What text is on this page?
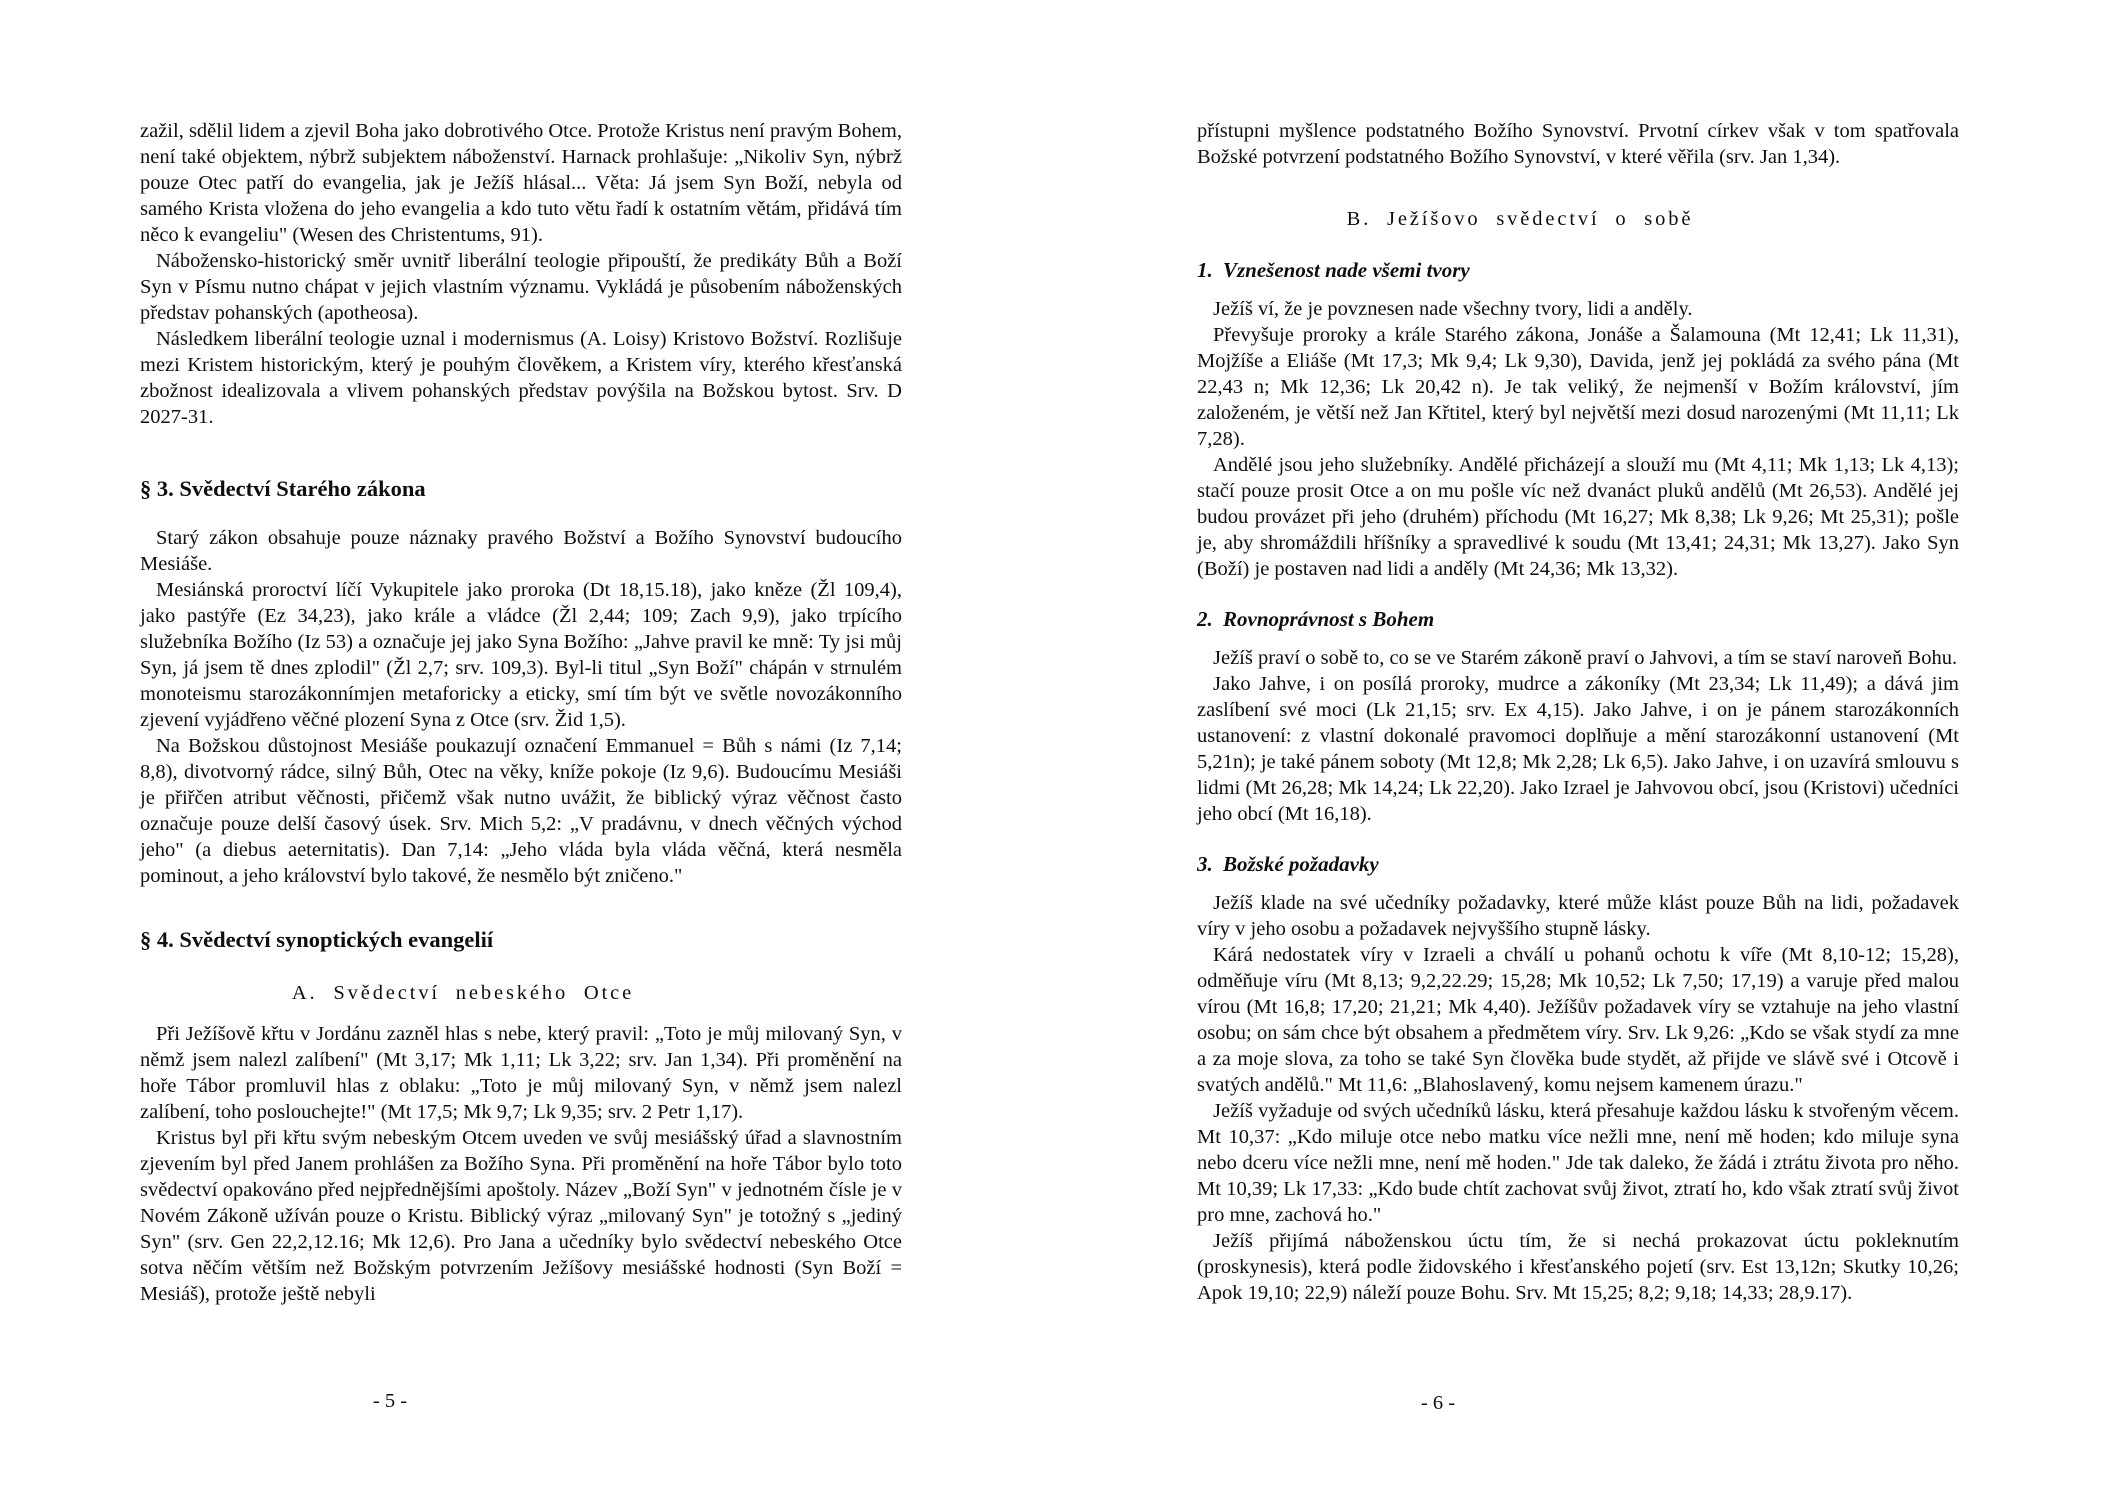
zažil, sdělil lidem a zjevil Boha jako dobrotivého Otce. Protože Kristus není pravým Bohem, není také objektem, nýbrž subjektem náboženství. Harnack prohlašuje: „Nikoliv Syn, nýbrž pouze Otec patří do evangelia, jak je Ježíš hlásal... Věta: Já jsem Syn Boží, nebyla od samého Krista vložena do jeho evangelia a kdo tuto větu řadí k ostatním větám, přidává tím něco k evangeliu" (Wesen des Christentums, 91).

Nábožensko-historický směr uvnitř liberální teologie připouští, že predikáty Bůh a Boží Syn v Písmu nutno chápat v jejich vlastním významu. Vykládá je působením náboženských představ pohanských (apotheosa).

Následkem liberální teologie uznal i modernismus (A. Loisy) Kristovo Božství. Rozlišuje mezi Kristem historickým, který je pouhým člověkem, a Kristem víry, kterého křesťanská zbožnost idealizovala a vlivem pohanských představ povýšila na Božskou bytost. Srv. D 2027-31.

§ 3. Svědectví Starého zákona

Starý zákon obsahuje pouze náznaky pravého Božství a Božího Synovství budoucího Mesiáše.

Mesiánská proroctví líčí Vykupitele jako proroka (Dt 18,15.18), jako kněze (Žl 109,4), jako pastýře (Ez 34,23), jako krále a vládce (Žl 2,44; 109; Zach 9,9), jako trpícího služebníka Božího (Iz 53) a označuje jej jako Syna Božího: „Jahve pravil ke mně: Ty jsi můj Syn, já jsem tě dnes zplodil" (Žl 2,7; srv. 109,3). Byl-li titul „Syn Boží" chápán v strnulém monoteismu starozákonnímjen metaforicky a eticky, smí tím být ve světle novozákonního zjevení vyjádřeno věčné plození Syna z Otce (srv. Žid 1,5).

Na Božskou důstojnost Mesiáše poukazují označení Emmanuel = Bůh s námi (Iz 7,14; 8,8), divotvorný rádce, silný Bůh, Otec na věky, kníže pokoje (Iz 9,6). Budoucímu Mesiáši je přiřčen atribut věčnosti, přičemž však nutno uvážit, že biblický výraz věčnost často označuje pouze delší časový úsek. Srv. Mich 5,2: „V pradávnu, v dnech věčných východ jeho" (a diebus aeternitatis). Dan 7,14: „Jeho vláda byla vláda věčná, která nesměla pominout, a jeho království bylo takové, že nesmělo být zničeno."

§ 4. Svědectví synoptických evangelií
A. Svědectví nebeského Otce

Při Ježíšově křtu v Jordánu zazněl hlas s nebe, který pravil: „Toto je můj milovaný Syn, v němž jsem nalezl zalíbení" (Mt 3,17; Mk 1,11; Lk 3,22; srv. Jan 1,34). Při proměnění na hoře Tábor promluvil hlas z oblaku: „Toto je můj milovaný Syn, v němž jsem nalezl zalíbení, toho poslouchejte!" (Mt 17,5; Mk 9,7; Lk 9,35; srv. 2 Petr 1,17).

Kristus byl při křtu svým nebeským Otcem uveden ve svůj mesiášský úřad a slavnostním zjevením byl před Janem prohlášen za Božího Syna. Při proměnění na hoře Tábor bylo toto svědectví opakováno před nejpřednějšími apoštoly. Název „Boží Syn" v jednotném čísle je v Novém Zákoně užíván pouze o Kristu. Biblický výraz „milovaný Syn" je totožný s „jediný Syn" (srv. Gen 22,2,12.16; Mk 12,6). Pro Jana a učedníky bylo svědectví nebeského Otce sotva něčím větším než Božským potvrzením Ježíšovy mesiášské hodnosti (Syn Boží = Mesiáš), protože ještě nebyli

- 5 -

přístupni myšlence podstatného Božího Synovství. Prvotní církev však v tom spatřovala Božské potvrzení podstatného Božího Synovství, v které věřila (srv. Jan 1,34).

B. Ježíšovo svědectví o sobě
1. Vznešenost nade všemi tvory

Ježíš ví, že je povznesen nade všechny tvory, lidi a anděly.

Převyšuje proroky a krále Starého zákona, Jonáše a Šalamouna (Mt 12,41; Lk 11,31), Mojžíše a Eliáše (Mt 17,3; Mk 9,4; Lk 9,30), Davida, jenž jej pokládá za svého pána (Mt 22,43 n; Mk 12,36; Lk 20,42 n). Je tak veliký, že nejmenší v Božím království, jím založeném, je větší než Jan Křtitel, který byl největší mezi dosud narozenými (Mt 11,11; Lk 7,28).

Andělé jsou jeho služebníky. Andělé přicházejí a slouží mu (Mt 4,11; Mk 1,13; Lk 4,13); stačí pouze prosit Otce a on mu pošle víc než dvanáct pluků andělů (Mt 26,53). Andělé jej budou provázet při jeho (druhém) příchodu (Mt 16,27; Mk 8,38; Lk 9,26; Mt 25,31); pošle je, aby shromáždili hříšníky a spravedlivé k soudu (Mt 13,41; 24,31; Mk 13,27). Jako Syn (Boží) je postaven nad lidi a anděly (Mt 24,36; Mk 13,32).

2. Rovnoprávnost s Bohem

Ježíš praví o sobě to, co se ve Starém zákoně praví o Jahvovi, a tím se staví naroveň Bohu.

Jako Jahve, i on posílá proroky, mudrce a zákoníky (Mt 23,34; Lk 11,49); a dává jim zaslíbení své moci (Lk 21,15; srv. Ex 4,15). Jako Jahve, i on je pánem starozákonních ustanovení: z vlastní dokonalé pravomoci doplňuje a mění starozákonní ustanovení (Mt 5,21n); je také pánem soboty (Mt 12,8; Mk 2,28; Lk 6,5). Jako Jahve, i on uzavírá smlouvu s lidmi (Mt 26,28; Mk 14,24; Lk 22,20). Jako Izrael je Jahvovou obcí, jsou (Kristovi) učedníci jeho obcí (Mt 16,18).

3. Božské požadavky

Ježíš klade na své učedníky požadavky, které může klást pouze Bůh na lidi, požadavek víry v jeho osobu a požadavek nejvyššího stupně lásky.

Kárá nedostatek víry v Izraeli a chválí u pohanů ochotu k víře (Mt 8,10-12; 15,28), odměňuje víru (Mt 8,13; 9,2,22.29; 15,28; Mk 10,52; Lk 7,50; 17,19) a varuje před malou vírou (Mt 16,8; 17,20; 21,21; Mk 4,40). Ježíšův požadavek víry se vztahuje na jeho vlastní osobu; on sám chce být obsahem a předmětem víry. Srv. Lk 9,26: „Kdo se však stydí za mne a za moje slova, za toho se také Syn člověka bude stydět, až přijde ve slávě své i Otcově i svatých andělů." Mt 11,6: „Blahoslavený, komu nejsem kamenem úrazu."

Ježíš vyžaduje od svých učedníků lásku, která přesahuje každou lásku k stvořeným věcem. Mt 10,37: „Kdo miluje otce nebo matku více nežli mne, není mě hoden; kdo miluje syna nebo dceru více nežli mne, není mě hoden." Jde tak daleko, že žádá i ztrátu života pro něho. Mt 10,39; Lk 17,33: „Kdo bude chtít zachovat svůj život, ztratí ho, kdo však ztratí svůj život pro mne, zachová ho."

Ježíš přijímá náboženskou úctu tím, že si nechá prokazovat úctu pokleknutím (proskynesis), která podle židovského i křesťanského pojetí (srv. Est 13,12n; Skutky 10,26; Apok 19,10; 22,9) náleží pouze Bohu. Srv. Mt 15,25; 8,2; 9,18; 14,33; 28,9.17).

- 6 -
